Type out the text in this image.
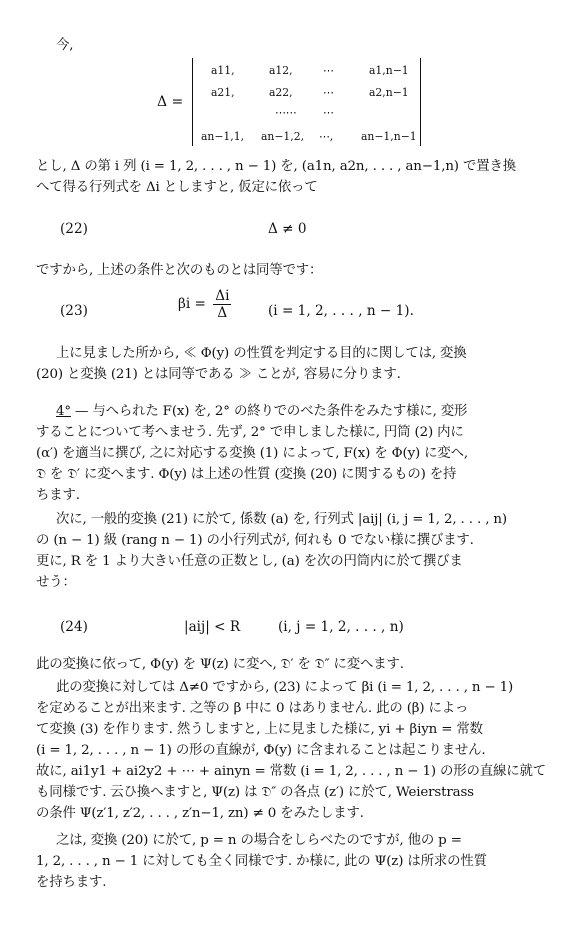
今,
Δ =
a11,	a12,	⋯	a1,n−1
a21,	a22,	⋯	a2,n−1
⋯⋯ ⋯
an−1,1, an−1,2, ⋯,	an−1,n−1

とし, Δ の第 i 列 (i = 1, 2, . . . , n − 1) を, (a1n, a2n, . . . , an−1,n) で置き換

へて得る行列式を Δi としますと, 仮定に依って

(22)	Δ ≠ 0

ですから, 上述の条件と次のものとは同等です：

(23)	$\beta i = \frac{\Delta i}{\Delta}$	(i = 1, 2, . . . , n − 1).

上に見ました所から, ≪ Φ(y) の性質を判定する目的に関しては, 変換

(20) と変換 (21) とは同等である ≫ ことが, 容易に分ります.

4° — 与へられた F(x) を, 2° の終りでのべた条件をみたす様に, 変形

することについて考へませう. 先ず, 2° で申しました様に, 円筒 (2) 内に

(α′) を適当に撰び, 之に対応する変換 (1) によって, F(x) を Φ(y) に変へ,

𝔇 を 𝔇′ に変へます. Φ(y) は上述の性質 (変換 (20) に関するもの) を持

ちます.

次に, 一般的変換 (21) に於て, 係数 (a) を, 行列式 |aij| (i, j = 1, 2, . . . , n)

の (n − 1) 級 (rang n − 1) の小行列式が, 何れも 0 でない様に撰びます.

更に, R を 1 より大きい任意の正数とし, (a) を次の円筒内に於て撰びま

せう：

(24)	|aij| < R	(i, j = 1, 2, . . . , n)

此の変換に依って, Φ(y) を Ψ(z) に変へ, 𝔇′ を 𝔇″ に変へます.

此の変換に対しては Δ≠0 ですから, (23) によって βi (i = 1, 2, . . . , n − 1)

を定めることが出来ます. 之等の β 中に 0 はありません. 此の (β) によっ

て変換 (3) を作ります. 然うしますと, 上に見ました様に, yi + βiyn = 常数

(i = 1, 2, . . . , n − 1) の形の直線が, Φ(y) に含まれることは起こりません.

故に, ai1y1 + ai2y2 + ⋯ + ainyn = 常数 (i = 1, 2, . . . , n − 1) の形の直線に就て

も同様です. 云ひ換へますと, Ψ(z) は 𝔇″ の各点 (z′) に於て, Weierstrass

の条件 Ψ(z′1, z′2, . . . , z′n−1, zn) ≠ 0 をみたします.

之は, 変換 (20) に於て, p = n の場合をしらべたのですが, 他の p =

1, 2, . . . , n − 1 に対しても全く同様です. か様に, 此の Ψ(z) は所求の性質

を持ちます.
